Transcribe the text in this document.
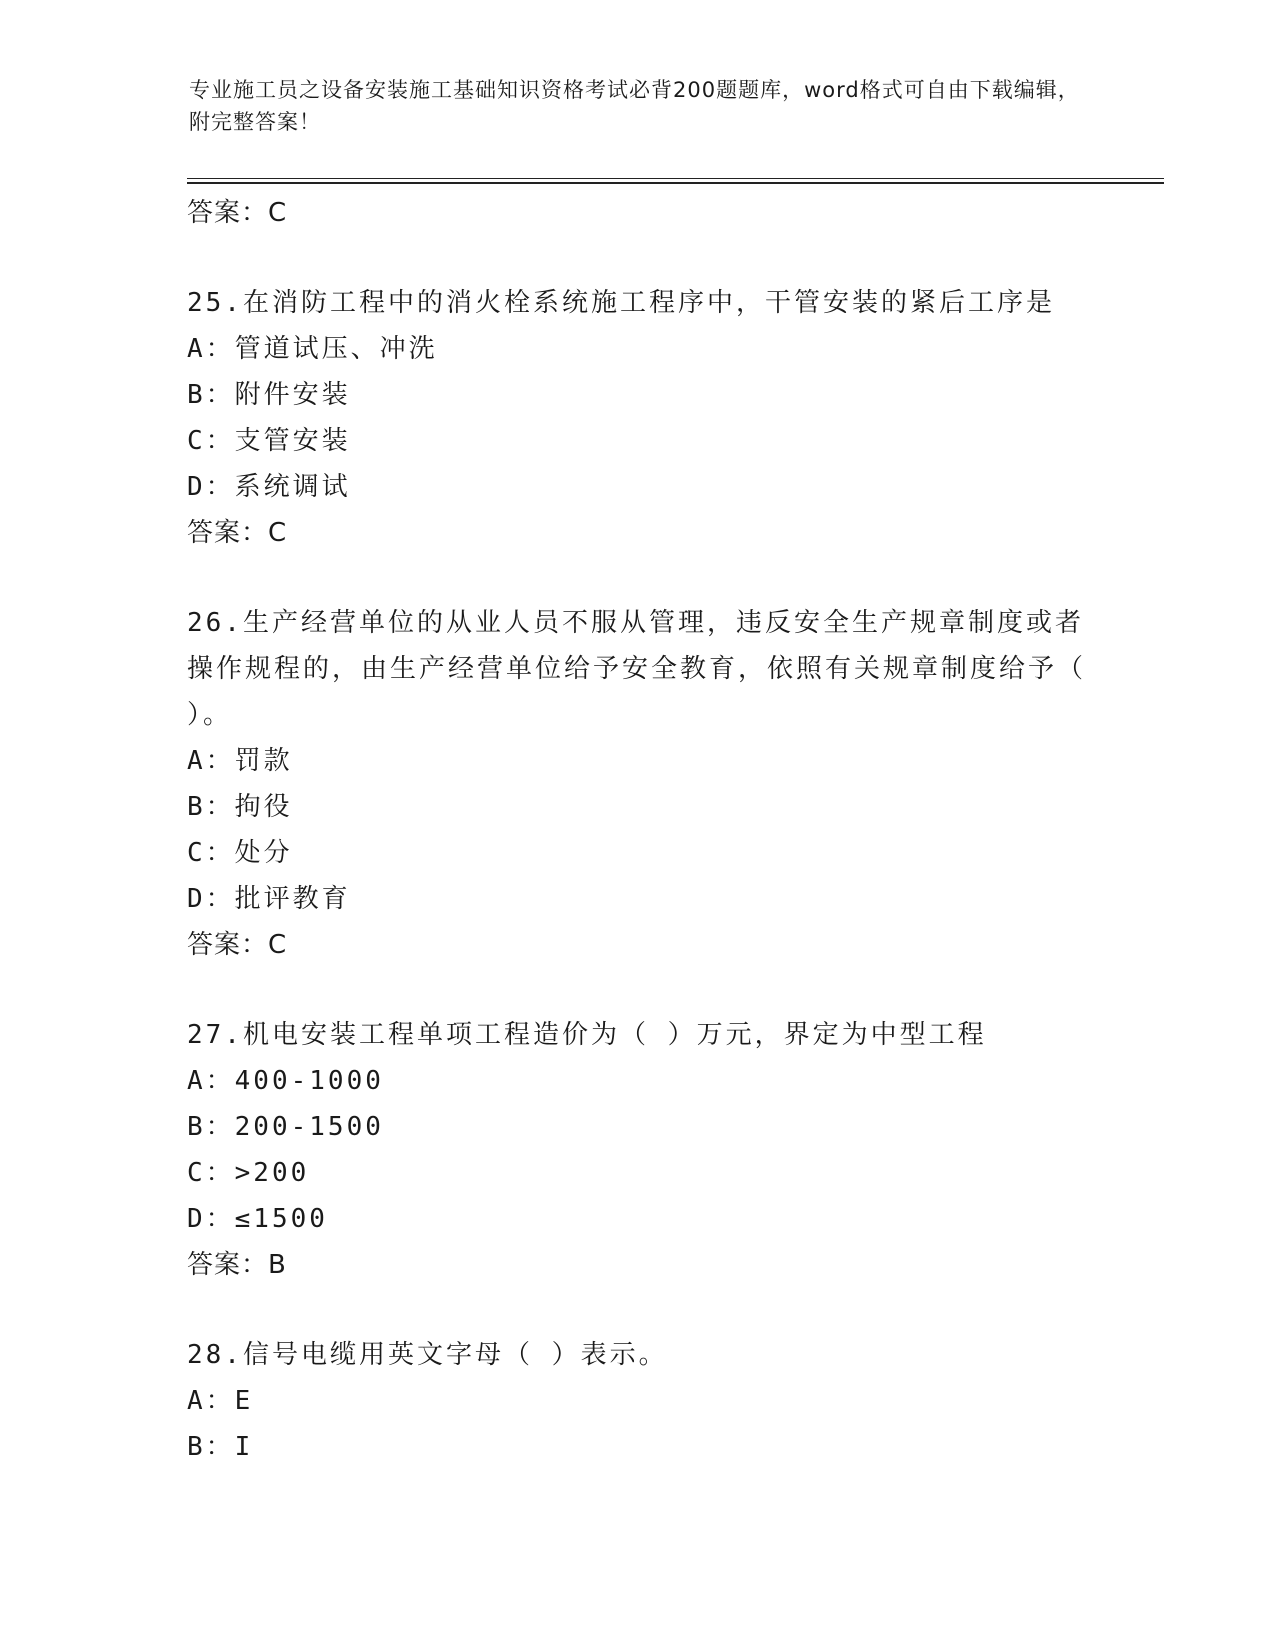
专业施工员之设备安装施工基础知识资格考试必背200题题库，word格式可自由下载编辑，附完整答案！
答案：C
25.在消防工程中的消火栓系统施工程序中，干管安装的紧后工序是
A：管道试压、冲洗
B：附件安装
C：支管安装
D：系统调试
答案：C
26.生产经营单位的从业人员不服从管理，违反安全生产规章制度或者操作规程的，由生产经营单位给予安全教育，依照有关规章制度给予（ ）。
A：罚款
B：拘役
C：处分
D：批评教育
答案：C
27.机电安装工程单项工程造价为（ ）万元，界定为中型工程
A：400-1000
B：200-1500
C：>200
D：≤1500
答案：B
28.信号电缆用英文字母（ ）表示。
A：E
B：I
